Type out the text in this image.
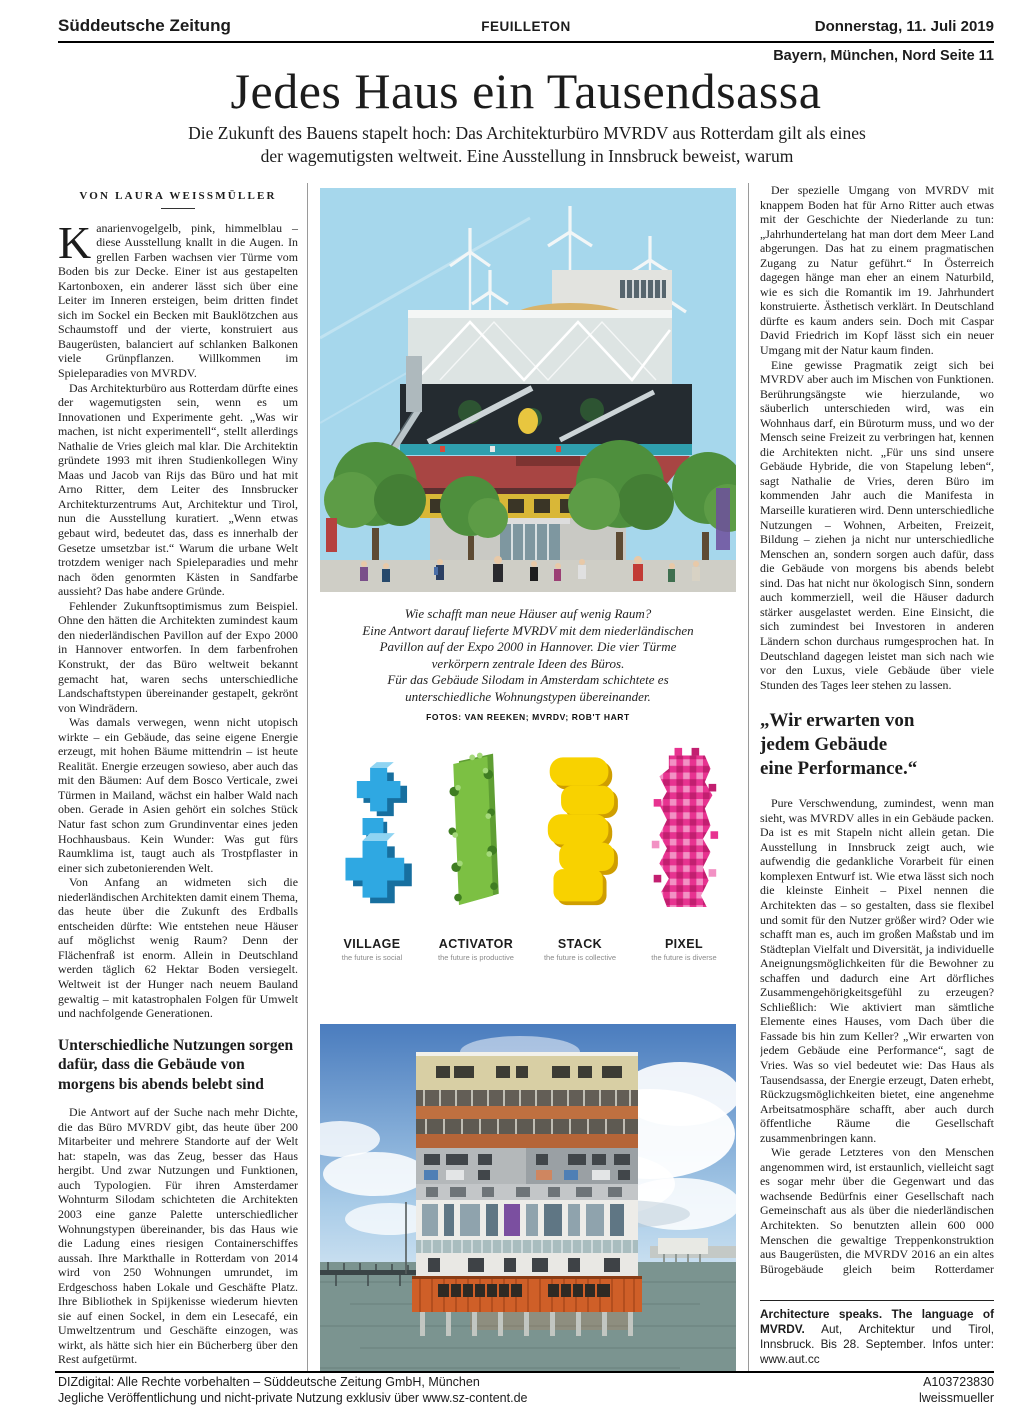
Süddeutsche Zeitung	FEUILLETON	Donnerstag, 11. Juli 2019
Bayern, München, Nord Seite 11
Jedes Haus ein Tausendsassa
Die Zukunft des Bauens stapelt hoch: Das Architekturbüro MVRDV aus Rotterdam gilt als eines
der wagemutigsten weltweit. Eine Ausstellung in Innsbruck beweist, warum
VON LAURA WEISSMÜLLER

Kanarienvogelgelb, pink, himmelblau – diese Ausstellung knallt in die Augen. In grellen Farben wachsen vier Türme vom Boden bis zur Decke. Einer ist aus gestapelten Kartonboxen, ein anderer lässt sich über eine Leiter im Inneren ersteigen, beim dritten findet sich im Sockel ein Becken mit Bauklötzchen aus Schaumstoff und der vierte, konstruiert aus Baugerüsten, balanciert auf schlanken Balkonen viele Grünpflanzen. Willkommen im Spieleparadies von MVRDV.

Das Architekturbüro aus Rotterdam dürfte eines der wagemutigsten sein, wenn es um Innovationen und Experimente geht. „Was wir machen, ist nicht experimentell“, stellt allerdings Nathalie de Vries gleich mal klar. Die Architektin gründete 1993 mit ihren Studienkollegen Winy Maas und Jacob van Rijs das Büro und hat mit Arno Ritter, dem Leiter des Innsbrucker Architekturzentrums Aut, Architektur und Tirol, nun die Ausstellung kuratiert. „Wenn etwas gebaut wird, bedeutet das, dass es innerhalb der Gesetze umsetzbar ist.“ Warum die urbane Welt trotzdem weniger nach Spieleparadies und mehr nach öden genormten Kästen in Sandfarbe aussieht? Das habe andere Gründe.

Fehlender Zukunftsoptimismus zum Beispiel. Ohne den hätten die Architekten zumindest kaum den niederländischen Pavillon auf der Expo 2000 in Hannover entworfen. In dem farbenfrohen Konstrukt, der das Büro weltweit bekannt gemacht hat, waren sechs unterschiedliche Landschaftstypen übereinander gestapelt, gekrönt von Windrädern.

Was damals verwegen, wenn nicht utopisch wirkte – ein Gebäude, das seine eigene Energie erzeugt, mit hohen Bäume mittendrin – ist heute Realität. Energie erzeugen sowieso, aber auch das mit den Bäumen: Auf dem Bosco Verticale, zwei Türmen in Mailand, wächst ein halber Wald nach oben. Gerade in Asien gehört ein solches Stück Natur fast schon zum Grundinventar eines jeden Hochhausbaus. Kein Wunder: Was gut fürs Raumklima ist, taugt auch als Trostpflaster in einer sich zubetonierenden Welt.

Von Anfang an widmeten sich die niederländischen Architekten damit einem Thema, das heute über die Zukunft des Erdballs entscheiden dürfte: Wie entstehen neue Häuser auf möglichst wenig Raum? Denn der Flächenfraß ist enorm. Allein in Deutschland werden täglich 62 Hektar Boden versiegelt. Weltweit ist der Hunger nach neuem Bauland gewaltig – mit katastrophalen Folgen für Umwelt und nachfolgende Generationen.

Unterschiedliche Nutzungen sorgen dafür, dass die Gebäude von morgens bis abends belebt sind

Die Antwort auf der Suche nach mehr Dichte, die das Büro MVRDV gibt, das heute über 200 Mitarbeiter und mehrere Standorte auf der Welt hat: stapeln, was das Zeug, besser das Haus hergibt. Und zwar Nutzungen und Funktionen, auch Typologien. Für ihren Amsterdamer Wohnturm Silodam schichteten die Architekten 2003 eine ganze Palette unterschiedlicher Wohnungstypen übereinander, bis das Haus wie die Ladung eines riesigen Containerschiffes aussah. Ihre Markthalle in Rotterdam von 2014 wird von 250 Wohnungen umrundet, im Erdgeschoss haben Lokale und Geschäfte Platz. Ihre Bibliothek in Spijkenisse wiederum hievten sie auf einen Sockel, in dem ein Lesecafé, ein Umweltzentrum und Geschäfte einzogen, was wirkt, als hätte sich hier ein Bücherberg über den Rest aufgetürmt.

Wie schafft man neue Häuser auf wenig Raum?
Eine Antwort darauf lieferte MVRDV mit dem niederländischen
Pavillon auf der Expo 2000 in Hannover. Die vier Türme
verkörpern zentrale Ideen des Büros.
Für das Gebäude Silodam in Amsterdam schichtete es
unterschiedliche Wohnungstypen übereinander.
FOTOS: VAN REEKEN; MVRDV; ROB'T HART
VILLAGE
the future is social
ACTIVATOR
the future is productive
STACK
the future is collective
PIXEL
the future is diverse

Der spezielle Umgang von MVRDV mit knappem Boden hat für Arno Ritter auch etwas mit der Geschichte der Niederlande zu tun: „Jahrhundertelang hat man dort dem Meer Land abgerungen. Das hat zu einem pragmatischen Zugang zu Natur geführt.“ In Österreich dagegen hänge man eher an einem Naturbild, wie es sich die Romantik im 19. Jahrhundert konstruierte. Ästhetisch verklärt. In Deutschland dürfte es kaum anders sein. Doch mit Caspar David Friedrich im Kopf lässt sich ein neuer Umgang mit der Natur kaum finden.

Eine gewisse Pragmatik zeigt sich bei MVRDV aber auch im Mischen von Funktionen. Berührungsängste wie hierzulande, wo säuberlich unterschieden wird, was ein Wohnhaus darf, ein Büroturm muss, und wo der Mensch seine Freizeit zu verbringen hat, kennen die Architekten nicht. „Für uns sind unsere Gebäude Hybride, die von Stapelung leben“, sagt Nathalie de Vries, deren Büro im kommenden Jahr auch die Manifesta in Marseille kuratieren wird. Denn unterschiedliche Nutzungen – Wohnen, Arbeiten, Freizeit, Bildung – ziehen ja nicht nur unterschiedliche Menschen an, sondern sorgen auch dafür, dass die Gebäude von morgens bis abends belebt sind. Das hat nicht nur ökologisch Sinn, sondern auch kommerziell, weil die Häuser dadurch stärker ausgelastet werden. Eine Einsicht, die sich zumindest bei Investoren in anderen Ländern schon durchaus rumgesprochen hat. In Deutschland dagegen leistet man sich nach wie vor den Luxus, viele Gebäude über viele Stunden des Tages leer stehen zu lassen.

„Wir erwarten von
jedem Gebäude
eine Performance.“

Pure Verschwendung, zumindest, wenn man sieht, was MVRDV alles in ein Gebäude packen. Da ist es mit Stapeln nicht allein getan. Die Ausstellung in Innsbruck zeigt auch, wie aufwendig die gedankliche Vorarbeit für einen komplexen Entwurf ist. Wie etwa lässt sich noch die kleinste Einheit – Pixel nennen die Architekten das – so gestalten, dass sie flexibel und somit für den Nutzer größer wird? Oder wie schafft man es, auch im großen Maßstab und im Städteplan Vielfalt und Diversität, ja individuelle Aneignungsmöglichkeiten für die Bewohner zu schaffen und dadurch eine Art dörfliches Zusammengehörigkeitsgefühl zu erzeugen? Schließlich: Wie aktiviert man sämtliche Elemente eines Hauses, vom Dach über die Fassade bis hin zum Keller? „Wir erwarten von jedem Gebäude eine Performance“, sagt de Vries. Was so viel bedeutet wie: Das Haus als Tausendsassa, der Energie erzeugt, Daten erhebt, Rückzugsmöglichkeiten bietet, eine angenehme Arbeitsatmosphäre schafft, aber auch durch öffentliche Räume die Gesellschaft zusammenbringen kann.

Wie gerade Letzteres von den Menschen angenommen wird, ist erstaunlich, vielleicht sagt es sogar mehr über die Gegenwart und das wachsende Bedürfnis einer Gesellschaft nach Gemeinschaft aus als über die niederländischen Architekten. So benutzten allein 600 000 Menschen die gewaltige Treppenkonstruktion aus Baugerüsten, die MVRDV 2016 an ein altes Bürogebäude gleich beim Rotterdamer

Architecture speaks. The language of MVRDV. Aut, Architektur und Tirol, Innsbruck. Bis 28. September. Infos unter: www.aut.cc
DIZdigital: Alle Rechte vorbehalten – Süddeutsche Zeitung GmbH, München
Jegliche Veröffentlichung und nicht-private Nutzung exklusiv über www.sz-content.de
A103723830
lweissmueller
